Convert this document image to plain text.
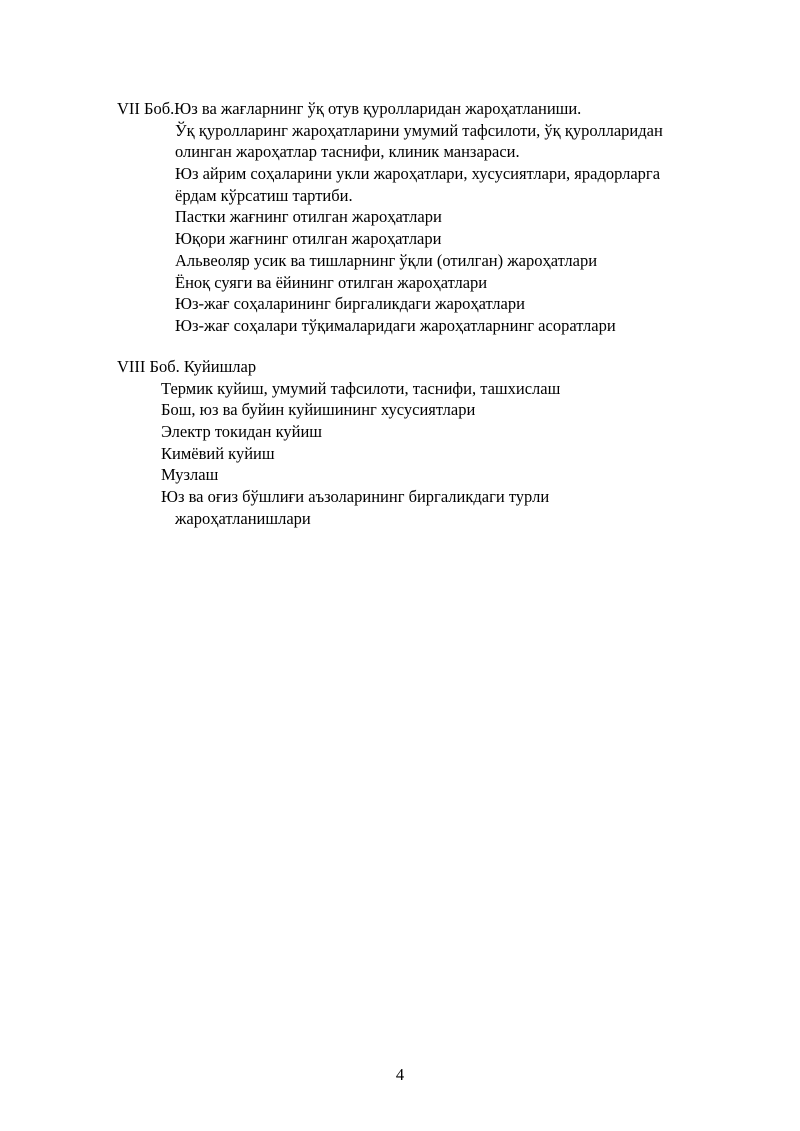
VII Боб.Юз ва жағларнинг ўқ отув қуролларидан жароҳатланиши.
Ўқ қуролларинг жароҳатларини умумий тафсилоти, ўқ қуролларидан
олинган жароҳатлар таснифи, клиник манзараси.
Юз айрим соҳаларини укли жароҳатлари, хусусиятлари, ярадорларга
ёрдам кўрсатиш тартиби.
Пастки жағнинг отилган жароҳатлари
Юқори жағнинг отилган жароҳатлари
Альвеоляр усик ва тишларнинг ўқли (отилган) жароҳатлари
Ёноқ суяги ва ёйининг отилган жароҳатлари
Юз-жағ соҳаларининг биргаликдаги жароҳатлари
Юз-жағ соҳалари тўқималаридаги жароҳатларнинг асоратлари
VIII Боб. Куйишлар
Термик куйиш, умумий тафсилоти, таснифи, ташхислаш
Бош, юз ва буйин куйишининг хусусиятлари
Электр токидан куйиш
Кимёвий куйиш
Музлаш
Юз ва оғиз бўшлиғи аъзоларининг биргаликдаги турли
жароҳатланишлари
4
